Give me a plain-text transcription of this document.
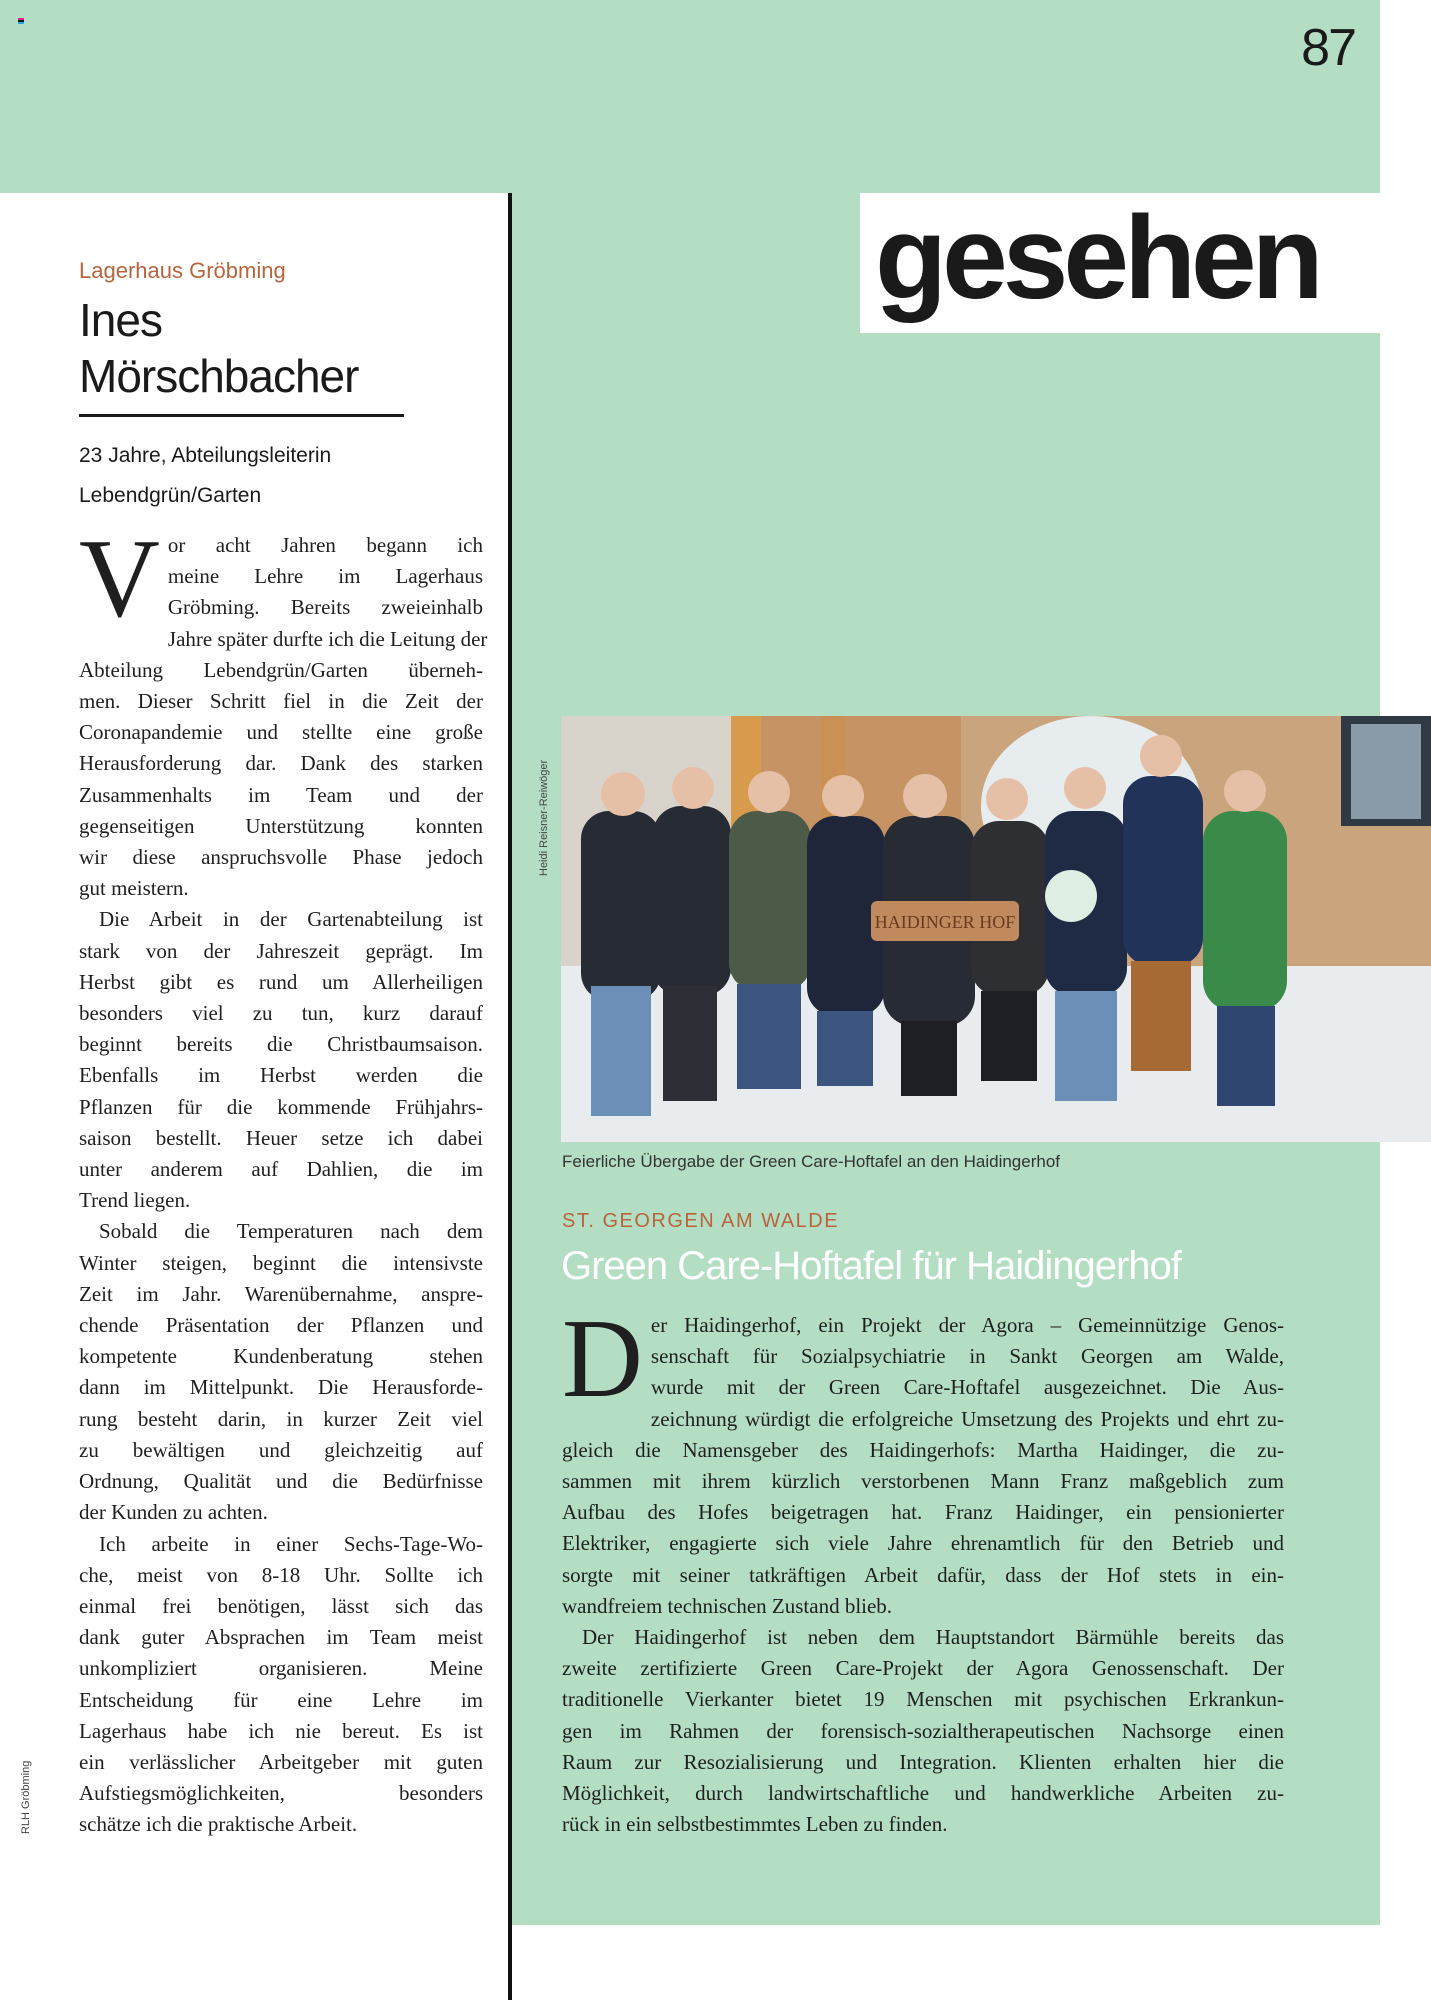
87
gesehen
Lagerhaus Gröbming
Ines
Mörschbacher
23 Jahre, Abteilungsleiterin
Lebendgrün/Garten
V or acht Jahren begann ich
meine Lehre im Lagerhaus
Gröbming. Bereits zweieinhalb
Jahre später durfte ich die Leitung der
Abteilung Lebendgrün/Garten überneh-
men. Dieser Schritt fiel in die Zeit der
Coronapandemie und stellte eine große
Herausforderung dar. Dank des starken
Zusammenhalts im Team und der
gegenseitigen Unterstützung konnten
wir diese anspruchsvolle Phase jedoch
gut meistern.
Die Arbeit in der Gartenabteilung ist
stark von der Jahreszeit geprägt. Im
Herbst gibt es rund um Allerheiligen
besonders viel zu tun, kurz darauf
beginnt bereits die Christbaumsaison.
Ebenfalls im Herbst werden die
Pflanzen für die kommende Frühjahrs-
saison bestellt. Heuer setze ich dabei
unter anderem auf Dahlien, die im
Trend liegen.
Sobald die Temperaturen nach dem
Winter steigen, beginnt die intensivste
Zeit im Jahr. Warenübernahme, anspre-
chende Präsentation der Pflanzen und
kompetente Kundenberatung stehen
dann im Mittelpunkt. Die Herausforde-
rung besteht darin, in kurzer Zeit viel
zu bewältigen und gleichzeitig auf
Ordnung, Qualität und die Bedürfnisse
der Kunden zu achten.
Ich arbeite in einer Sechs-Tage-Wo-
che, meist von 8-18 Uhr. Sollte ich
einmal frei benötigen, lässt sich das
dank guter Absprachen im Team meist
unkompliziert organisieren. Meine
Entscheidung für eine Lehre im
Lagerhaus habe ich nie bereut. Es ist
ein verlässlicher Arbeitgeber mit guten
Aufstiegsmöglichkeiten, besonders
schätze ich die praktische Arbeit.
RLH Gröbming
Heidi Reisner-Reiwöger
HAIDINGER HOF
Feierliche Übergabe der Green Care-Hoftafel an den Haidingerhof
ST. GEORGEN AM WALDE
Green Care-Hoftafel für Haidingerhof
D er Haidingerhof, ein Projekt der Agora – Gemeinnützige Genos-
senschaft für Sozialpsychiatrie in Sankt Georgen am Walde,
wurde mit der Green Care-Hoftafel ausgezeichnet. Die Aus-
zeichnung würdigt die erfolgreiche Umsetzung des Projekts und ehrt zu-
gleich die Namensgeber des Haidingerhofs: Martha Haidinger, die zu-
sammen mit ihrem kürzlich verstorbenen Mann Franz maßgeblich zum
Aufbau des Hofes beigetragen hat. Franz Haidinger, ein pensionierter
Elektriker, engagierte sich viele Jahre ehrenamtlich für den Betrieb und
sorgte mit seiner tatkräftigen Arbeit dafür, dass der Hof stets in ein-
wandfreiem technischen Zustand blieb.
Der Haidingerhof ist neben dem Hauptstandort Bärmühle bereits das
zweite zertifizierte Green Care-Projekt der Agora Genossenschaft. Der
traditionelle Vierkanter bietet 19 Menschen mit psychischen Erkrankun-
gen im Rahmen der forensisch-sozialtherapeutischen Nachsorge einen
Raum zur Resozialisierung und Integration. Klienten erhalten hier die
Möglichkeit, durch landwirtschaftliche und handwerkliche Arbeiten zu-
rück in ein selbstbestimmtes Leben zu finden.
